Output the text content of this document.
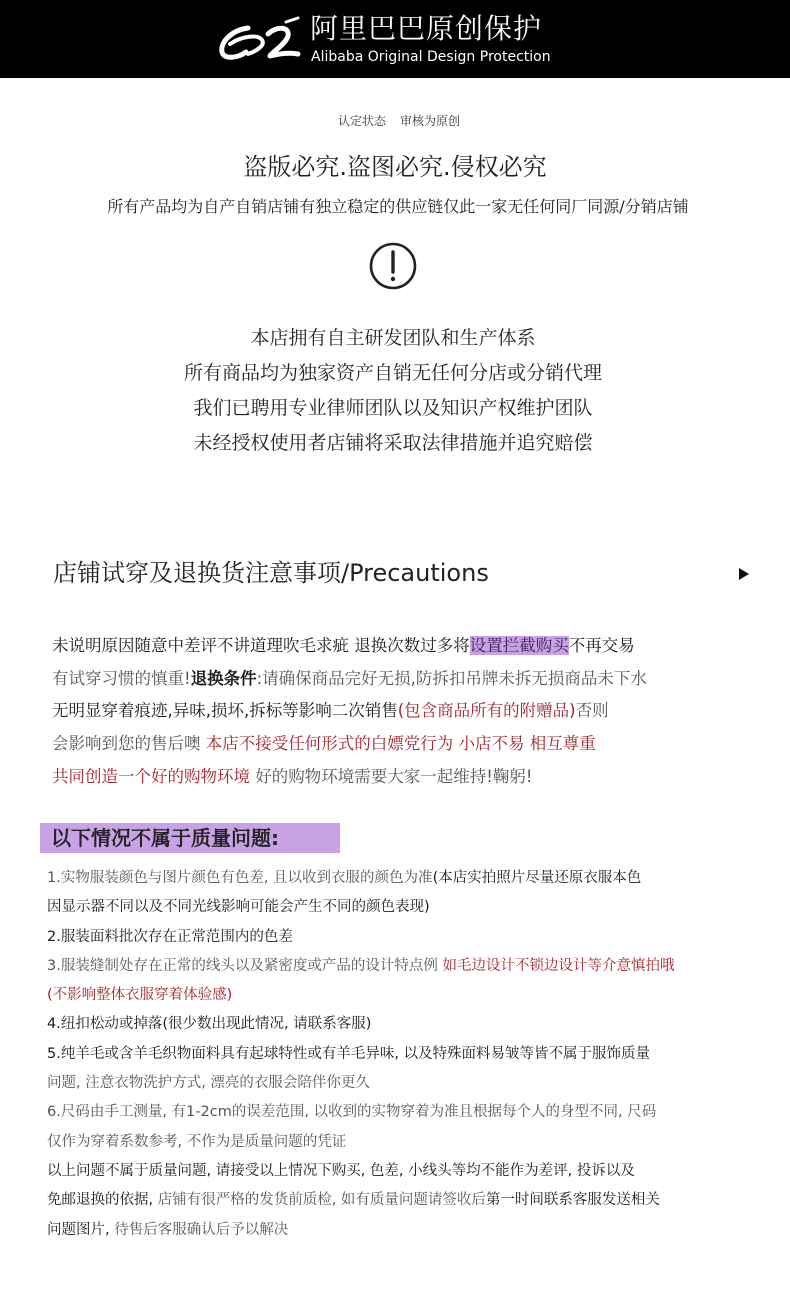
阿里巴巴原创保护
Alibaba Original Design Protection
认定状态 审核为原创
盗版必究.盗图必究.侵权必究
所有产品均为自产自销店铺有独立稳定的供应链仅此一家无任何同厂同源/分销店铺
本店拥有自主研发团队和生产体系
所有商品均为独家资产自销无任何分店或分销代理
我们已聘用专业律师团队以及知识产权维护团队
未经授权使用者店铺将采取法律措施并追究赔偿
店铺试穿及退换货注意事项/Precautions
未说明原因随意中差评不讲道理吹毛求疵 退换次数过多将设置拦截购买不再交易
有试穿习惯的慎重!退换条件:请确保商品完好无损,防拆扣吊牌未拆无损商品未下水
无明显穿着痕迹,异味,损坏,拆标等影响二次销售(包含商品所有的附赠品)否则
会影响到您的售后噢 本店不接受任何形式的白嫖党行为 小店不易 相互尊重
共同创造一个好的购物环境 好的购物环境需要大家一起维持!鞠躬!
以下情况不属于质量问题:
1.实物服装颜色与图片颜色有色差, 且以收到衣服的颜色为准(本店实拍照片尽量还原衣服本色
因显示器不同以及不同光线影响可能会产生不同的颜色表现)
2.服装面料批次存在正常范围内的色差
3.服装缝制处存在正常的线头以及紧密度或产品的设计特点例 如毛边设计不锁边设计等介意慎拍哦
(不影响整体衣服穿着体验感)
4.纽扣松动或掉落(很少数出现此情况, 请联系客服)
5.纯羊毛或含羊毛织物面料具有起球特性或有羊毛异味, 以及特殊面料易皱等皆不属于服饰质量
问题, 注意衣物洗护方式, 漂亮的衣服会陪伴你更久
6.尺码由手工测量, 有1-2cm的误差范围, 以收到的实物穿着为准且根据每个人的身型不同, 尺码
仅作为穿着系数参考, 不作为是质量问题的凭证
以上问题不属于质量问题, 请接受以上情况下购买, 色差, 小线头等均不能作为差评, 投诉以及
免邮退换的依据, 店铺有很严格的发货前质检, 如有质量问题请签收后第一时间联系客服发送相关
问题图片, 待售后客服确认后予以解决
